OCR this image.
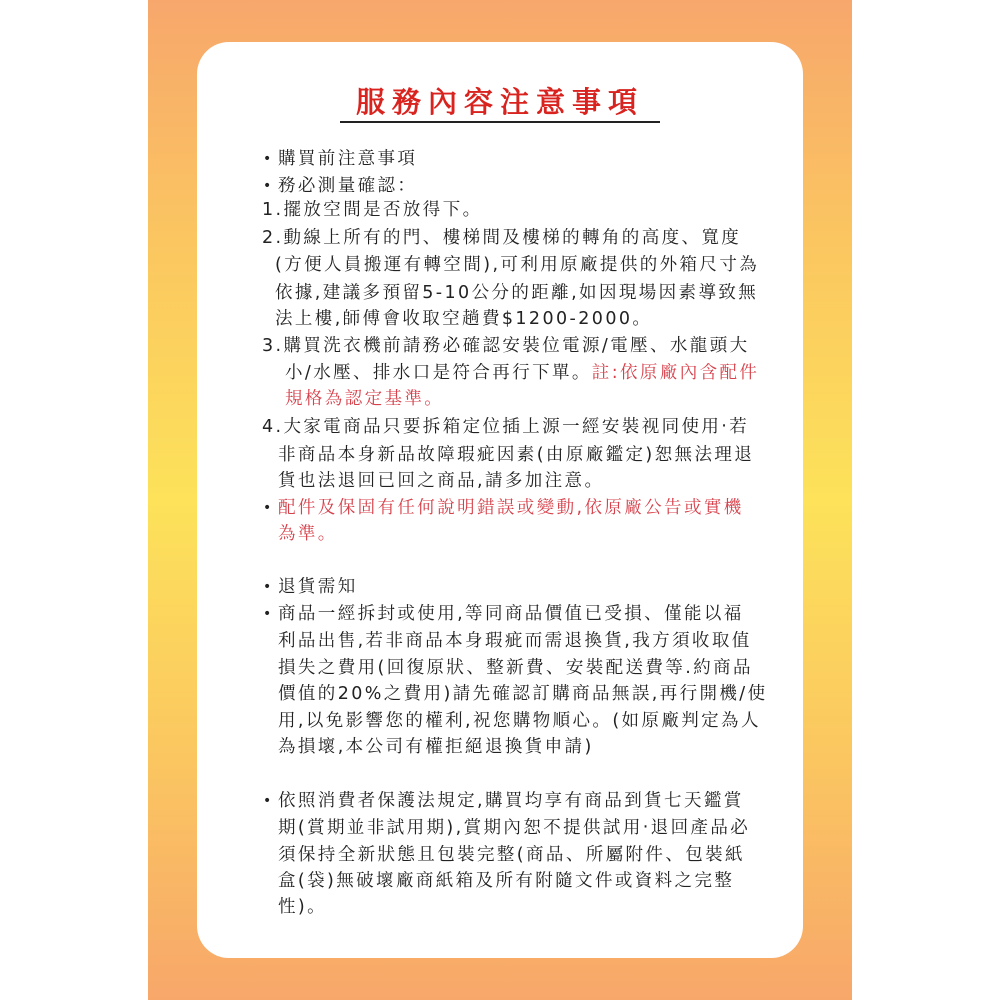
服務內容注意事項
• 購買前注意事項
• 務必測量確認：
1.擺放空間是否放得下。
2.動線上所有的門、樓梯間及樓梯的轉角的高度、寬度
(方便人員搬運有轉空間),可利用原廠提供的外箱尺寸為
依據,建議多預留5-10公分的距離,如因現場因素導致無
法上樓,師傅會收取空趟費$1200-2000。
3.購買洗衣機前請務必確認安裝位電源/電壓、水龍頭大
小/水壓、排水口是符合再行下單。註:依原廠內含配件
規格為認定基準。
4.大家電商品只要拆箱定位插上源一經安裝视同使用‧若
非商品本身新品故障瑕疵因素(由原廠鑑定)恕無法理退
貨也法退回已回之商品,請多加注意。
• 配件及保固有任何說明錯誤或變動,依原廠公告或實機
為準。
• 退貨需知
• 商品一經拆封或使用,等同商品價值已受損、僅能以福
利品出售,若非商品本身瑕疵而需退換貨,我方須收取值
損失之費用(回復原狀、整新費、安裝配送費等.約商品
價值的20%之費用)請先確認訂購商品無誤,再行開機/使
用,以免影響您的權利,祝您購物順心。(如原廠判定為人
為損壞,本公司有權拒絕退換貨申請)
• 依照消費者保護法規定,購買均享有商品到貨七天鑑賞
期(賞期並非試用期),賞期內恕不提供試用‧退回產品必
須保持全新狀態且包裝完整(商品、所屬附件、包裝紙
盒(袋)無破壞廠商紙箱及所有附隨文件或資料之完整
性)。
